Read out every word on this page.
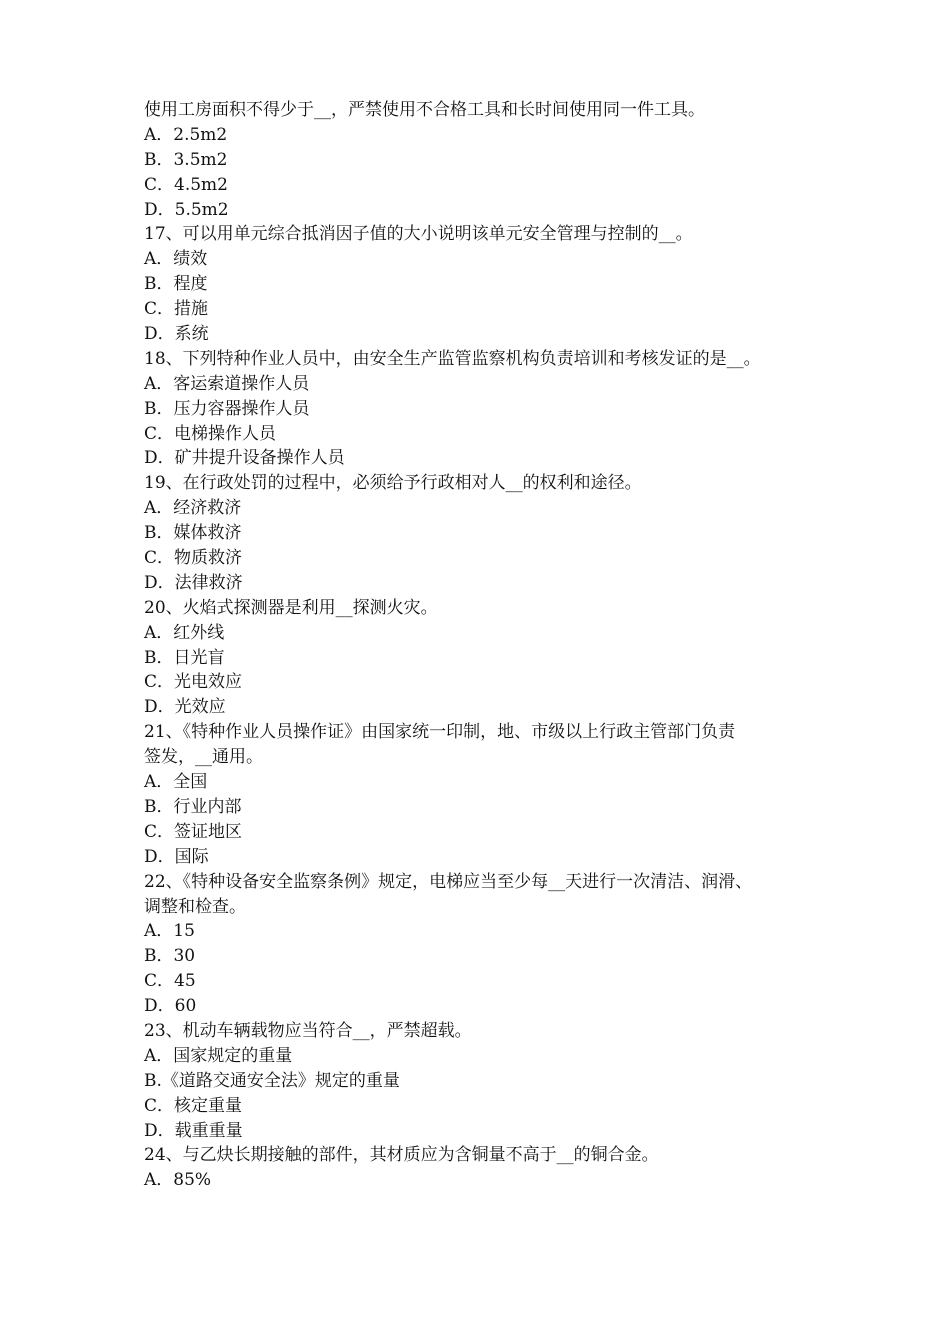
使用工房面积不得少于__，严禁使用不合格工具和长时间使用同一件工具。
A．2.5m2
B．3.5m2
C．4.5m2
D．5.5m2
17、可以用单元综合抵消因子值的大小说明该单元安全管理与控制的__。
A．绩效
B．程度
C．措施
D．系统
18、下列特种作业人员中，由安全生产监管监察机构负责培训和考核发证的是__。
A．客运索道操作人员
B．压力容器操作人员
C．电梯操作人员
D．矿井提升设备操作人员
19、在行政处罚的过程中，必须给予行政相对人__的权利和途径。
A．经济救济
B．媒体救济
C．物质救济
D．法律救济
20、火焰式探测器是利用__探测火灾。
A．红外线
B．日光盲
C．光电效应
D．光效应
21、《特种作业人员操作证》由国家统一印制，地、市级以上行政主管部门负责
签发，__通用。
A．全国
B．行业内部
C．签证地区
D．国际
22、《特种设备安全监察条例》规定，电梯应当至少每__天进行一次清洁、润滑、
调整和检查。
A．15
B．30
C．45
D．60
23、机动车辆载物应当符合__，严禁超载。
A．国家规定的重量
B.《道路交通安全法》规定的重量
C．核定重量
D．载重重量
24、与乙炔长期接触的部件，其材质应为含铜量不高于__的铜合金。
A．85%
